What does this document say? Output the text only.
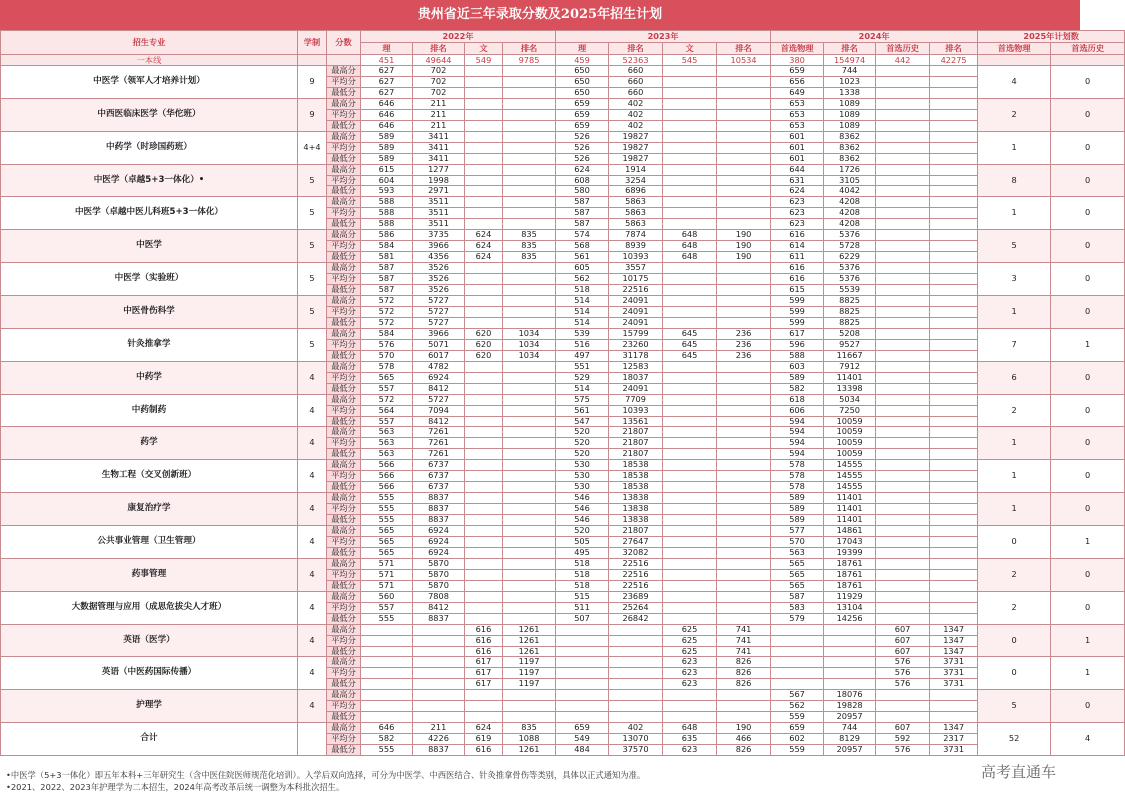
贵州省近三年录取分数及2025年招生计划
招生专业	学制	分数	2022年				2023年				2024年				2025年计划数	
			理	排名	文	排名	理	排名	文	排名	首选物理	排名	首选历史	排名	首选物理	首选历史
一本线			451	49644	549	9785	459	52363	545	10534	380	154974	442	42275		
中医学（领军人才培养计划）	9	最高分	627	702			650	660			659	744			4	0
		平均分	627	702			650	660			656	1023				
		最低分	627	702			650	660			649	1338				
中西医临床医学（华佗班）	9	最高分	646	211			659	402			653	1089			2	0
		平均分	646	211			659	402			653	1089				
		最低分	646	211			659	402			653	1089				
中药学（时珍国药班）	4+4	最高分	589	3411			526	19827			601	8362			1	0
		平均分	589	3411			526	19827			601	8362				
		最低分	589	3411			526	19827			601	8362				
中医学（卓越5+3一体化）•	5	最高分	615	1277			624	1914			644	1726			8	0
		平均分	604	1998			608	3254			631	3105				
		最低分	593	2971			580	6896			624	4042				
中医学（卓越中医儿科班5+3一体化）	5	最高分	588	3511			587	5863			623	4208			1	0
		平均分	588	3511			587	5863			623	4208				
		最低分	588	3511			587	5863			623	4208				
中医学	5	最高分	586	3735	624	835	574	7874	648	190	616	5376			5	0
		平均分	584	3966	624	835	568	8939	648	190	614	5728				
		最低分	581	4356	624	835	561	10393	648	190	611	6229				
中医学（实验班）	5	最高分	587	3526			605	3557			616	5376			3	0
		平均分	587	3526			562	10175			616	5376				
		最低分	587	3526			518	22516			615	5539				
中医骨伤科学	5	最高分	572	5727			514	24091			599	8825			1	0
		平均分	572	5727			514	24091			599	8825				
		最低分	572	5727			514	24091			599	8825				
针灸推拿学	5	最高分	584	3966	620	1034	539	15799	645	236	617	5208			7	1
		平均分	576	5071	620	1034	516	23260	645	236	596	9527				
		最低分	570	6017	620	1034	497	31178	645	236	588	11667				
中药学	4	最高分	578	4782			551	12583			603	7912			6	0
		平均分	565	6924			529	18037			589	11401				
		最低分	557	8412			514	24091			582	13398				
中药制药	4	最高分	572	5727			575	7709			618	5034			2	0
		平均分	564	7094			561	10393			606	7250				
		最低分	557	8412			547	13561			594	10059				
药学	4	最高分	563	7261			520	21807			594	10059			1	0
		平均分	563	7261			520	21807			594	10059				
		最低分	563	7261			520	21807			594	10059				
生物工程（交叉创新班）	4	最高分	566	6737			530	18538			578	14555			1	0
		平均分	566	6737			530	18538			578	14555				
		最低分	566	6737			530	18538			578	14555				
康复治疗学	4	最高分	555	8837			546	13838			589	11401			1	0
		平均分	555	8837			546	13838			589	11401				
		最低分	555	8837			546	13838			589	11401				
公共事业管理（卫生管理）	4	最高分	565	6924			520	21807			577	14861			0	1
		平均分	565	6924			505	27647			570	17043				
		最低分	565	6924			495	32082			563	19399				
药事管理	4	最高分	571	5870			518	22516			565	18761			2	0
		平均分	571	5870			518	22516			565	18761				
		最低分	571	5870			518	22516			565	18761				
大数据管理与应用（成思危拔尖人才班）	4	最高分	560	7808			515	23689			587	11929			2	0
		平均分	557	8412			511	25264			583	13104				
		最低分	555	8837			507	26842			579	14256				
英语（医学）	4	最高分			616	1261			625	741			607	1347	0	1
		平均分			616	1261			625	741			607	1347		
		最低分			616	1261			625	741			607	1347		
英语（中医药国际传播）	4	最高分			617	1197			623	826			576	3731	0	1
		平均分			617	1197			623	826			576	3731		
		最低分			617	1197			623	826			576	3731		
护理学	4	最高分									567	18076			5	0
		平均分									562	19828				
		最低分									559	20957				
合计		最高分	646	211	624	835	659	402	648	190	659	744	607	1347	52	4
		平均分	582	4226	619	1088	549	13070	635	466	602	8129	592	2317		
		最低分	555	8837	616	1261	484	37570	623	826	559	20957	576	3731		
•中医学（5+3一体化）即五年本科+三年研究生（含中医住院医师规范化培训）。入学后双向选择，可分为中医学、中西医结合、针灸推拿骨伤等类别，具体以正式通知为准。
•2021、2022、2023年护理学为二本招生，2024年高考改革后统一调整为本科批次招生。
高考直通车
